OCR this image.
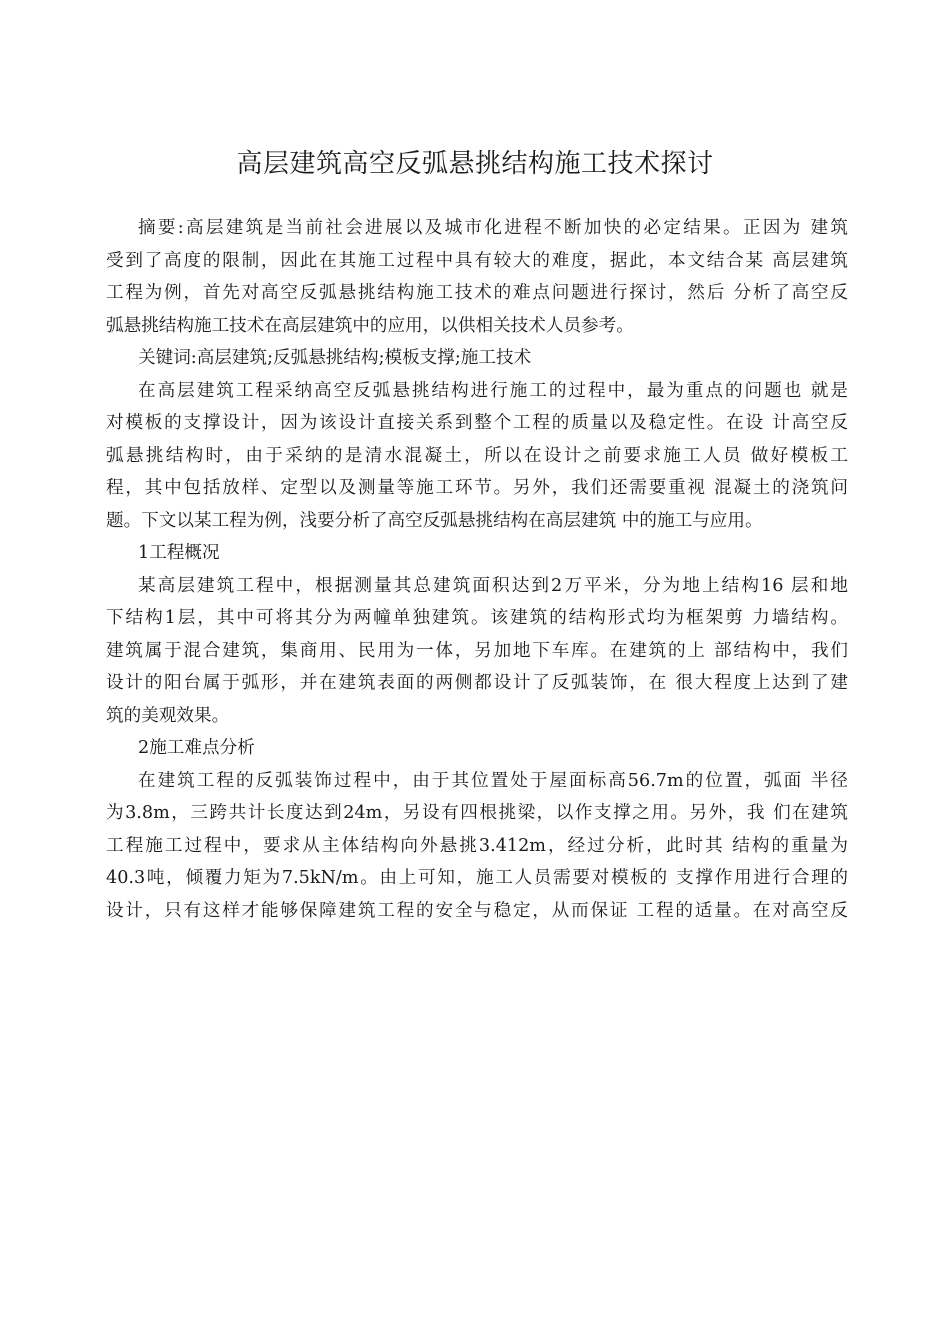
高层建筑高空反弧悬挑结构施工技术探讨
摘要:高层建筑是当前社会进展以及城市化进程不断加快的必定结果。正因为 建筑
受到了高度的限制，因此在其施工过程中具有较大的难度，据此，本文结合某 高层建筑
工程为例，首先对高空反弧悬挑结构施工技术的难点问题进行探讨，然后 分析了高空反
弧悬挑结构施工技术在高层建筑中的应用，以供相关技术人员参考。
关键词:高层建筑;反弧悬挑结构;模板支撑;施工技术
在高层建筑工程采纳高空反弧悬挑结构进行施工的过程中，最为重点的问题也 就是
对模板的支撑设计，因为该设计直接关系到整个工程的质量以及稳定性。在设 计高空反
弧悬挑结构时，由于采纳的是清水混凝土，所以在设计之前要求施工人员 做好模板工
程，其中包括放样、定型以及测量等施工环节。另外，我们还需要重视 混凝土的浇筑问
题。下文以某工程为例，浅要分析了高空反弧悬挑结构在高层建筑 中的施工与应用。
1工程概况
某高层建筑工程中，根据测量其总建筑面积达到2万平米，分为地上结构16 层和地
下结构1层，其中可将其分为两幢单独建筑。该建筑的结构形式均为框架剪 力墙结构。
建筑属于混合建筑，集商用、民用为一体，另加地下车库。在建筑的上 部结构中，我们
设计的阳台属于弧形，并在建筑表面的两侧都设计了反弧装饰，在 很大程度上达到了建
筑的美观效果。
2施工难点分析
在建筑工程的反弧装饰过程中，由于其位置处于屋面标高56.7m的位置，弧面 半径
为3.8m，三跨共计长度达到24m，另设有四根挑梁，以作支撑之用。另外，我 们在建筑
工程施工过程中，要求从主体结构向外悬挑3.412m，经过分析，此时其 结构的重量为
40.3吨，倾覆力矩为7.5kN/m。由上可知，施工人员需要对模板的 支撑作用进行合理的
设计，只有这样才能够保障建筑工程的安全与稳定，从而保证 工程的适量。在对高空反
